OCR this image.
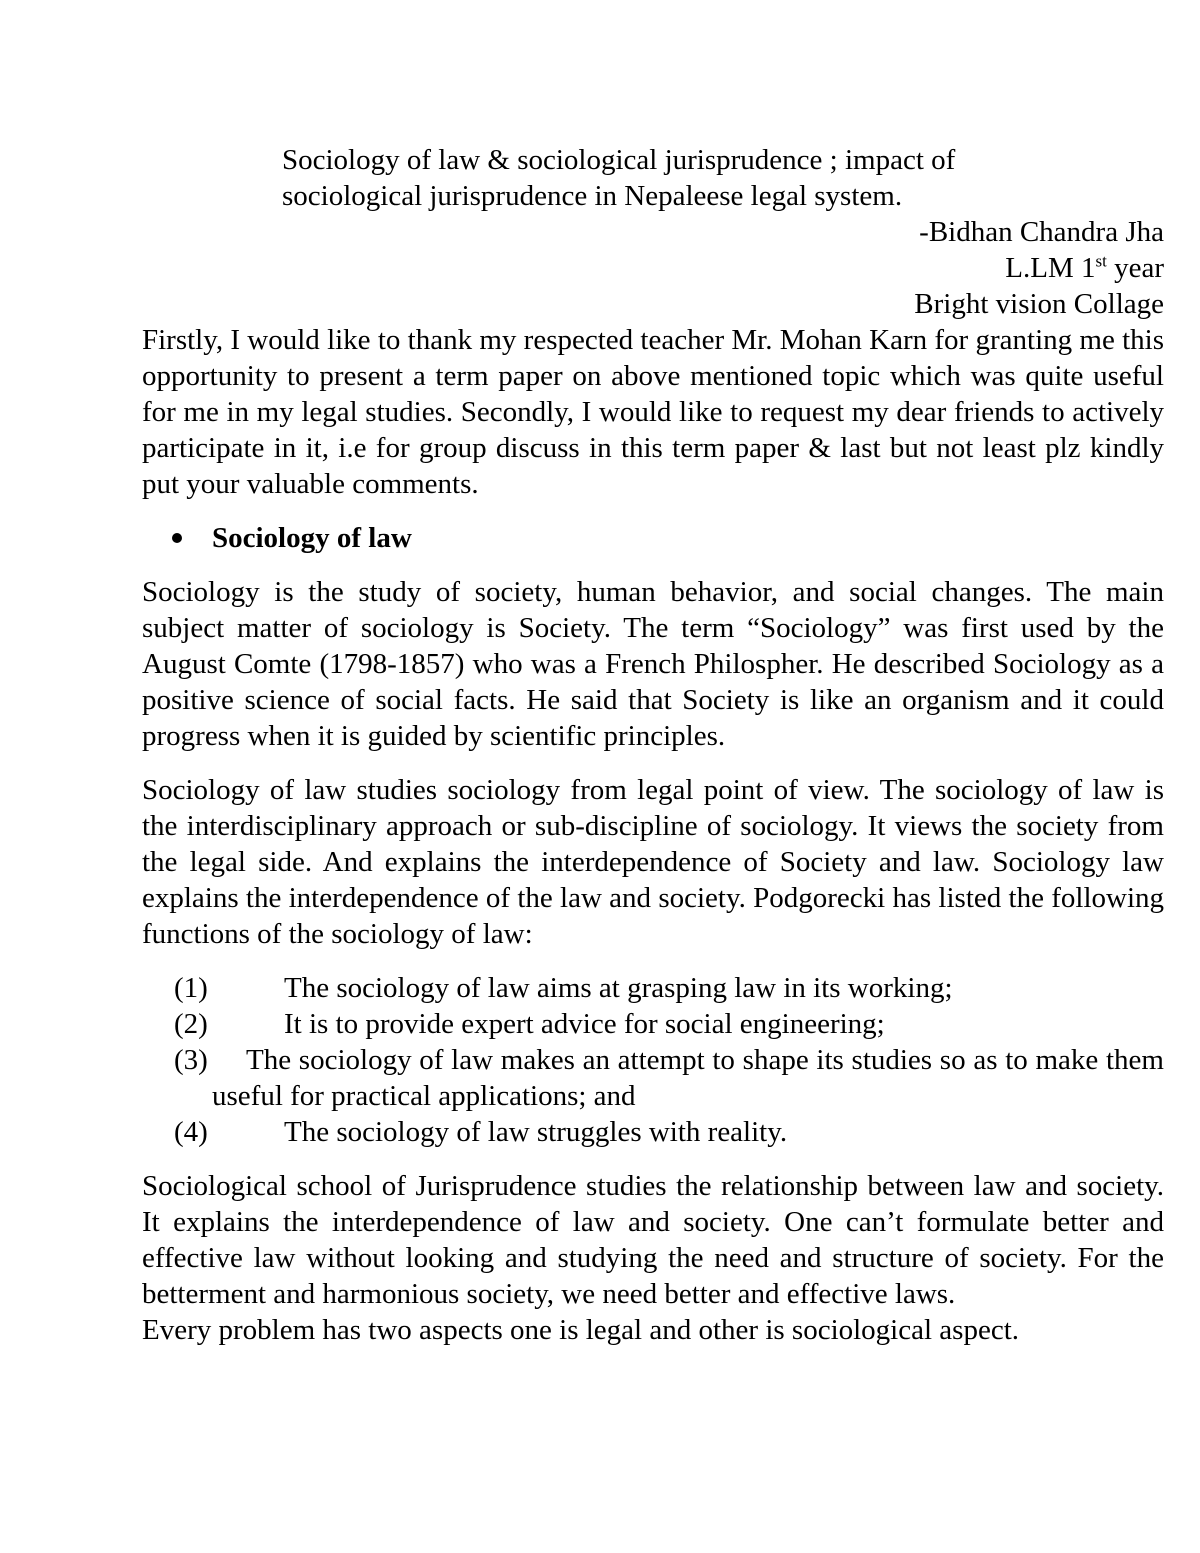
Sociology of law & sociological jurisprudence ; impact of
sociological jurisprudence in Nepaleese legal system.
-Bidhan Chandra Jha
L.LM 1st year
Bright vision Collage

Firstly, I would like to thank my respected teacher Mr. Mohan Karn for granting me this opportunity to present a term paper on above mentioned topic which was quite useful for me in my legal studies. Secondly, I would like to request my dear friends to actively participate in it, i.e for group discuss in this term paper & last but not least plz kindly put your valuable comments.

Sociology of law

Sociology is the study of society, human behavior, and social changes. The main subject matter of sociology is Society. The term “Sociology” was first used by the August Comte (1798-1857) who was a French Philospher. He described Sociology as a positive science of social facts. He said that Society is like an organism and it could progress when it is guided by scientific principles.

Sociology of law studies sociology from legal point of view. The sociology of law is the interdisciplinary approach or sub-discipline of sociology. It views the society from the legal side. And explains the interdependence of Society and law. Sociology law explains the interdependence of the law and society. Podgorecki has listed the following functions of the sociology of law:

(1)	The sociology of law aims at grasping law in its working;
(2)	It is to provide expert advice for social engineering;
(3) The sociology of law makes an attempt to shape its studies so as to make them useful for practical applications; and
(4)	The sociology of law struggles with reality.

Sociological school of Jurisprudence studies the relationship between law and society. It explains the interdependence of law and society. One can’t formulate better and effective law without looking and studying the need and structure of society. For the betterment and harmonious society, we need better and effective laws.

Every problem has two aspects one is legal and other is sociological aspect.
